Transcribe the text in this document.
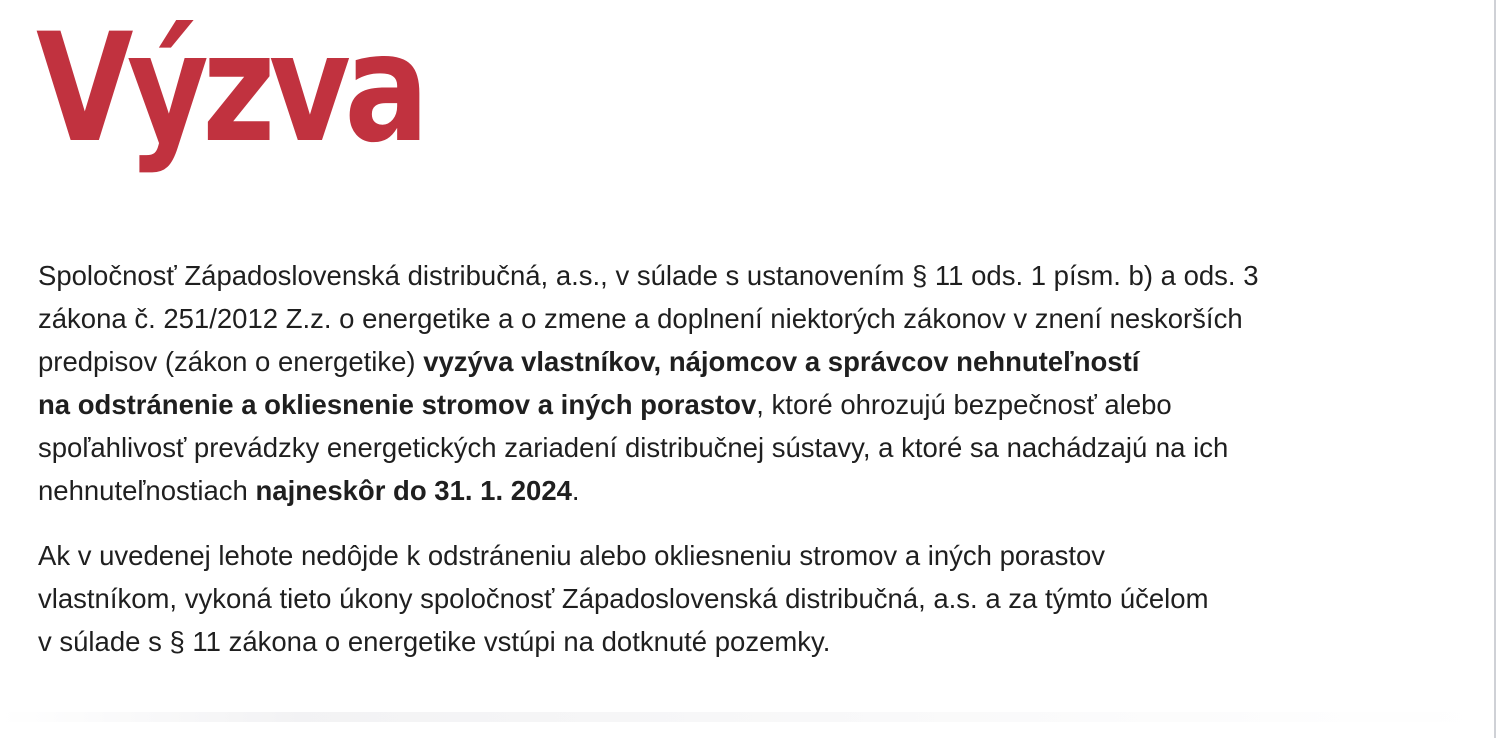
Výzva

Spoločnosť Západoslovenská distribučná, a.s., v súlade s ustanovením § 11 ods. 1 písm. b) a ods. 3
zákona č. 251/2012 Z.z. o energetike a o zmene a doplnení niektorých zákonov v znení neskorších
predpisov (zákon o energetike) vyzýva vlastníkov, nájomcov a správcov nehnuteľností
na odstránenie a okliesnenie stromov a iných porastov, ktoré ohrozujú bezpečnosť alebo
spoľahlivosť prevádzky energetických zariadení distribučnej sústavy, a ktoré sa nachádzajú na ich
nehnuteľnostiach najneskôr do 31. 1. 2024.

Ak v uvedenej lehote nedôjde k odstráneniu alebo okliesneniu stromov a iných porastov
vlastníkom, vykoná tieto úkony spoločnosť Západoslovenská distribučná, a.s. a za týmto účelom
v súlade s § 11 zákona o energetike vstúpi na dotknuté pozemky.
